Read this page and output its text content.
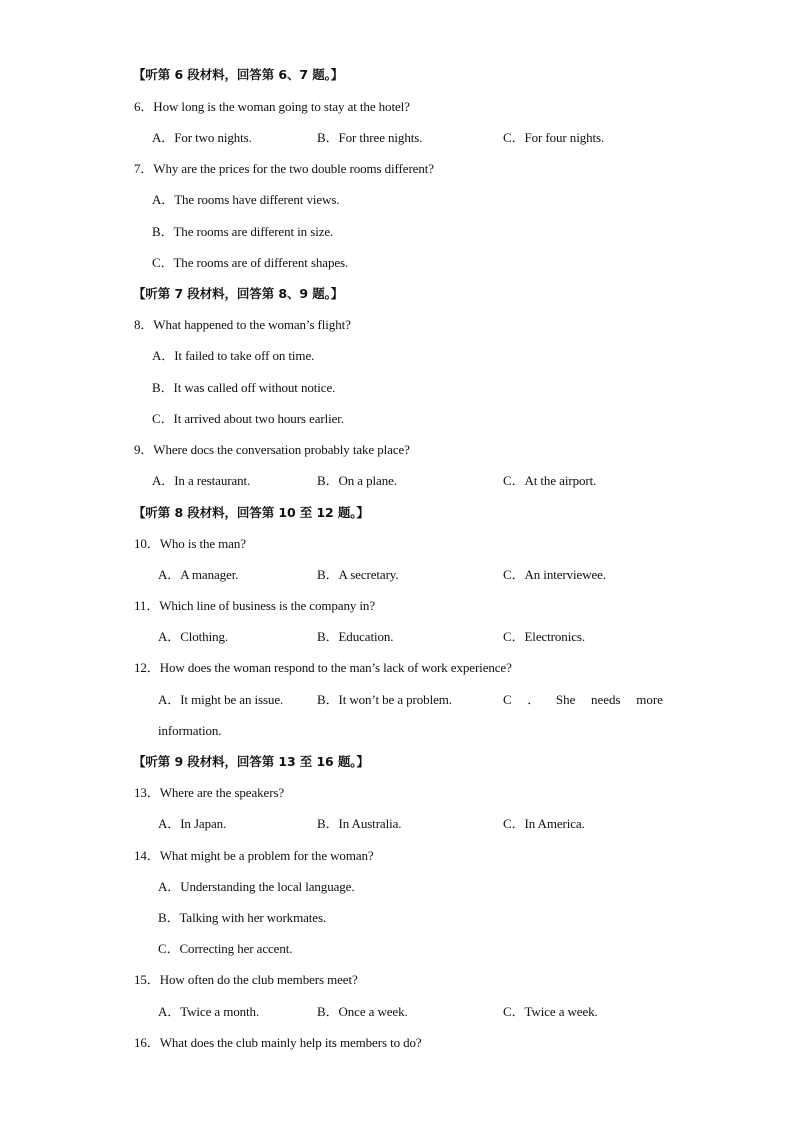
【听第 6 段材料，回答第 6、7 题。】
6．How long is the woman going to stay at the hotel?
A．For two nights.	B．For three nights.	C．For four nights.
7．Why are the prices for the two double rooms different?
A．The rooms have different views.
B．The rooms are different in size.
C．The rooms are of different shapes.
【听第 7 段材料，回答第 8、9 题。】
8．What happened to the woman’s flight?
A．It failed to take off on time.
B．It was called off without notice.
C．It arrived about two hours earlier.
9．Where docs the conversation probably take place?
A．In a restaurant.	B．On a plane.	C．At the airport.
【听第 8 段材料，回答第 10 至 12 题。】
10．Who is the man?
A．A manager.	B．A secretary.	C．An interviewee.
11．Which line of business is the company in?
A．Clothing.	B．Education.	C．Electronics.
12．How does the woman respond to the man’s lack of work experience?
A．It might be an issue.	B．It won’t be a problem.	C ． She needs more
information.
【听第 9 段材料，回答第 13 至 16 题。】
13．Where are the speakers?
A．In Japan.	B．In Australia.	C．In America.
14．What might be a problem for the woman?
A．Understanding the local language.
B．Talking with her workmates.
C．Correcting her accent.
15．How often do the club members meet?
A．Twice a month.	B．Once a week.	C．Twice a week.
16．What does the club mainly help its members to do?
